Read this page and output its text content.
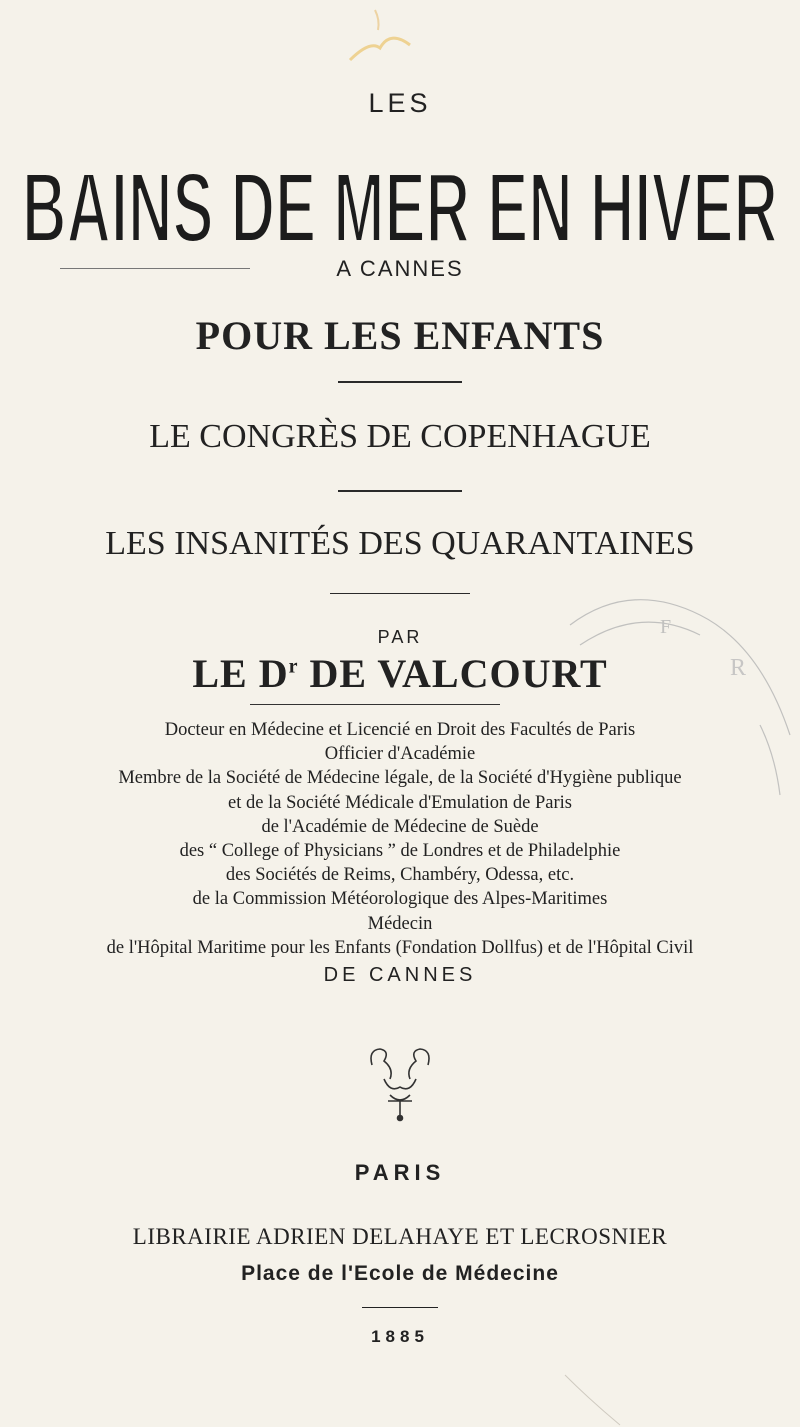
LES
BAINS DE MER EN HIVER
A CANNES
POUR LES ENFANTS
LE CONGRÈS DE COPENHAGUE
LES INSANITÉS DES QUARANTAINES
F
R
PAR
LE $D^r$ DE VALCOURT
Docteur en Médecine et Licencié en Droit des Facultés de Paris
Officier d'Académie
Membre de la Société de Médecine légale, de la Société d'Hygiène publique
et de la Société Médicale d'Emulation de Paris
de l'Académie de Médecine de Suède
des “ College of Physicians ” de Londres et de Philadelphie
des Sociétés de Reims, Chambéry, Odessa, etc.
de la Commission Météorologique des Alpes-Maritimes
Médecin
de l'Hôpital Maritime pour les Enfants (Fondation Dollfus) et de l'Hôpital Civil
DE CANNES
PARIS
LIBRAIRIE ADRIEN DELAHAYE ET LECROSNIER
Place de l'Ecole de Médecine
1885
